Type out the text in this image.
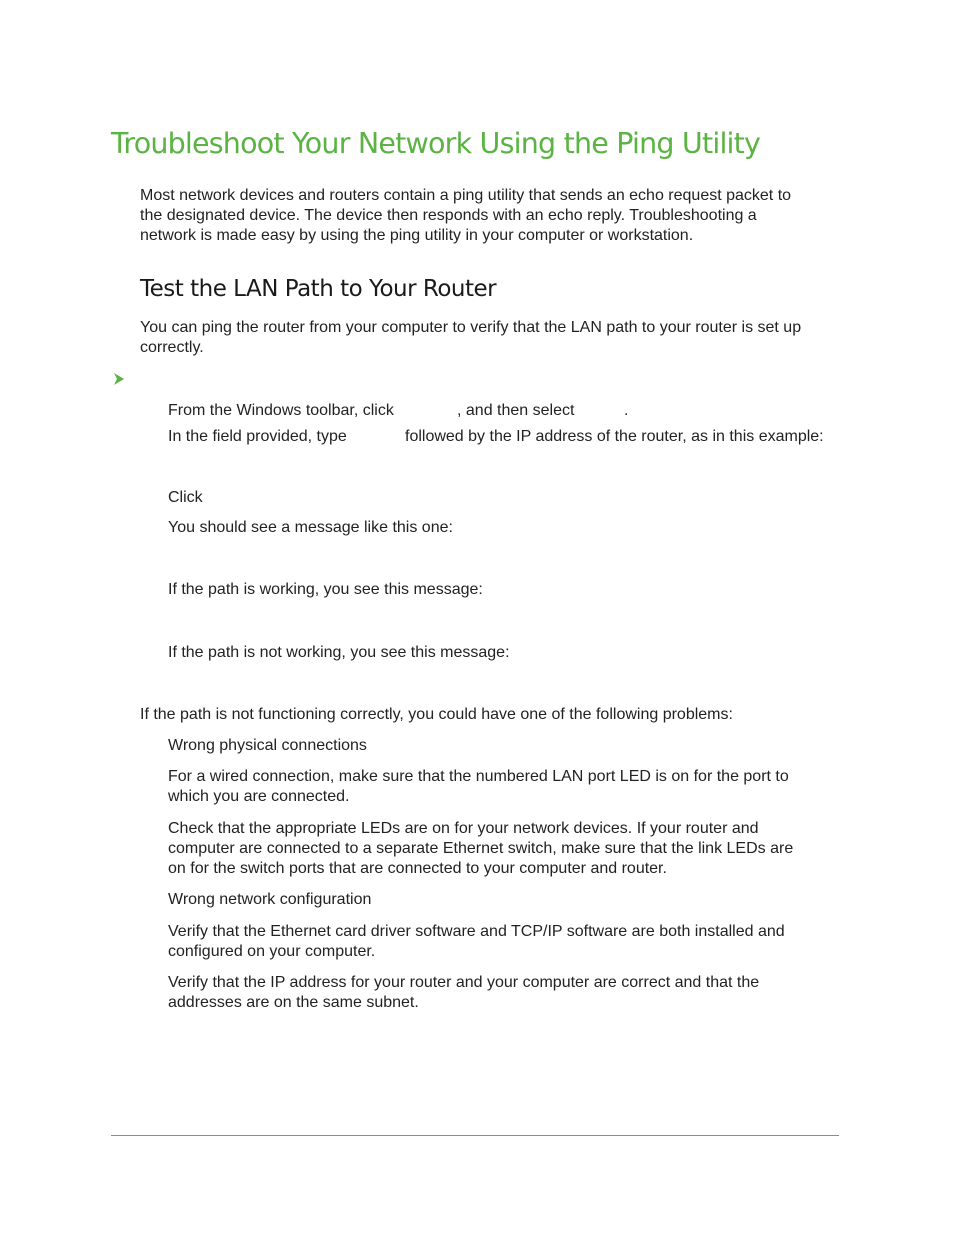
Troubleshoot Your Network Using the Ping Utility
Most network devices and routers contain a ping utility that sends an echo request packet to
the designated device. The device then responds with an echo reply. Troubleshooting a
network is made easy by using the ping utility in your computer or workstation.
Test the LAN Path to Your Router
You can ping the router from your computer to verify that the LAN path to your router is set up
correctly.
From the Windows toolbar, click	, and then select	.
In the field provided, type	followed by the IP address of the router, as in this example:
Click
You should see a message like this one:
If the path is working, you see this message:
If the path is not working, you see this message:
If the path is not functioning correctly, you could have one of the following problems:
Wrong physical connections
For a wired connection, make sure that the numbered LAN port LED is on for the port to
which you are connected.
Check that the appropriate LEDs are on for your network devices. If your router and
computer are connected to a separate Ethernet switch, make sure that the link LEDs are
on for the switch ports that are connected to your computer and router.
Wrong network configuration
Verify that the Ethernet card driver software and TCP/IP software are both installed and
configured on your computer.
Verify that the IP address for your router and your computer are correct and that the
addresses are on the same subnet.
